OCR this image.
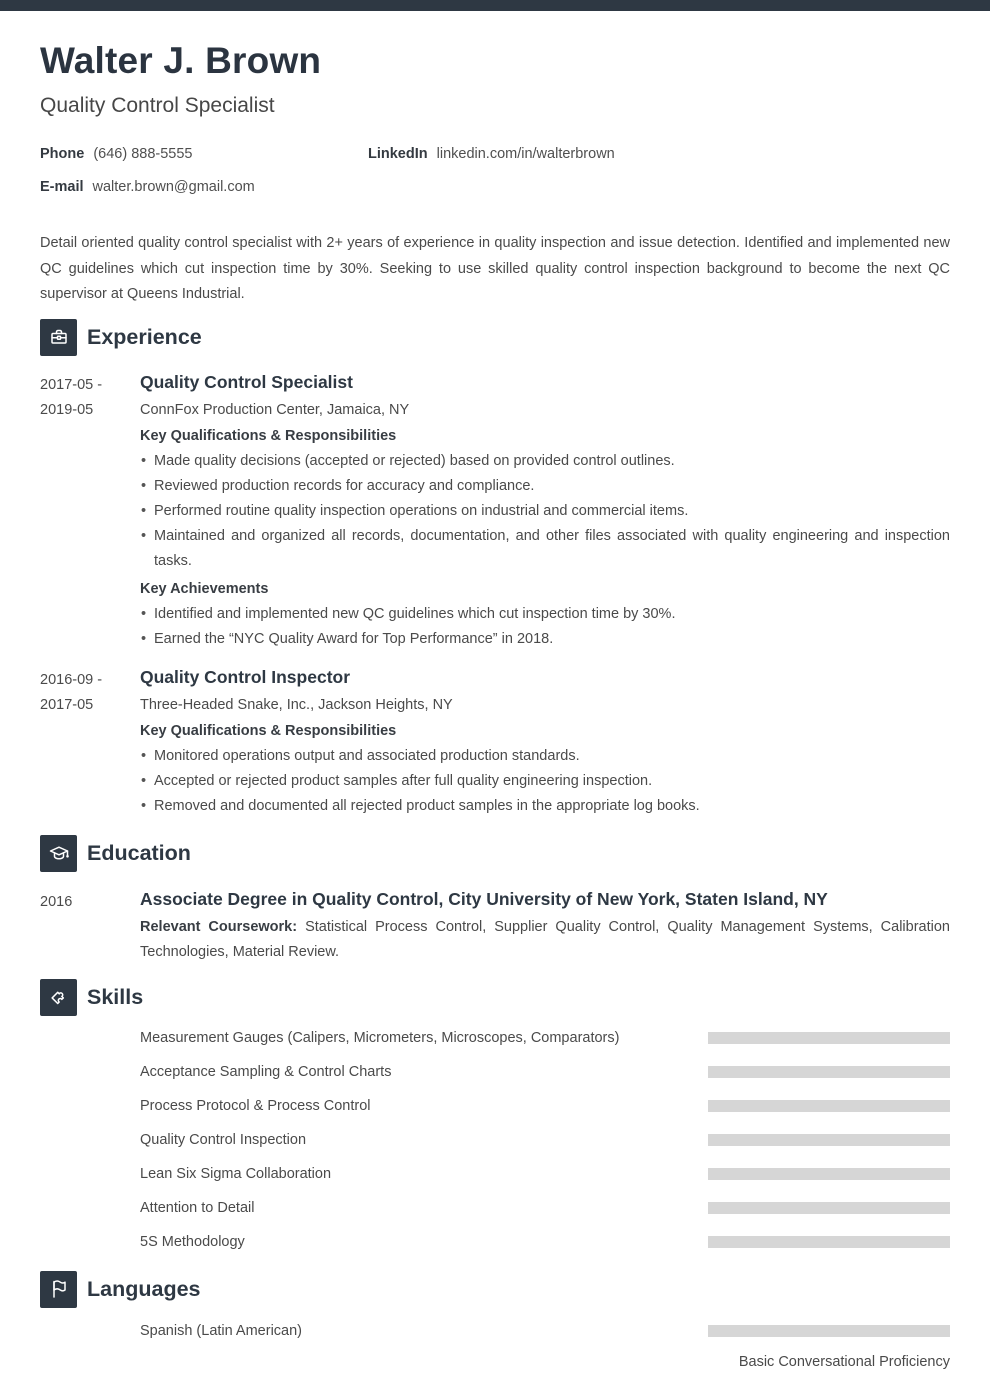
Walter J. Brown
Quality Control Specialist
Phone (646) 888-5555	LinkedIn linkedin.com/in/walterbrown
E-mail walter.brown@gmail.com
Detail oriented quality control specialist with 2+ years of experience in quality inspection and issue detection. Identified and implemented new QC guidelines which cut inspection time by 30%. Seeking to use skilled quality control inspection background to become the next QC supervisor at Queens Industrial.
Experience
2017-05 -
2019-05
Quality Control Specialist
ConnFox Production Center, Jamaica, NY
Key Qualifications & Responsibilities
• Made quality decisions (accepted or rejected) based on provided control outlines.
• Reviewed production records for accuracy and compliance.
• Performed routine quality inspection operations on industrial and commercial items.
• Maintained and organized all records, documentation, and other files associated with quality engineering and inspection tasks.
Key Achievements
• Identified and implemented new QC guidelines which cut inspection time by 30%.
• Earned the “NYC Quality Award for Top Performance” in 2018.
2016-09 -
2017-05
Quality Control Inspector
Three-Headed Snake, Inc., Jackson Heights, NY
Key Qualifications & Responsibilities
• Monitored operations output and associated production standards.
• Accepted or rejected product samples after full quality engineering inspection.
• Removed and documented all rejected product samples in the appropriate log books.
Education
2016	Associate Degree in Quality Control, City University of New York, Staten Island, NY
Relevant Coursework: Statistical Process Control, Supplier Quality Control, Quality Management Systems, Calibration Technologies, Material Review.
Skills
Measurement Gauges (Calipers, Micrometers, Microscopes, Comparators)
Acceptance Sampling & Control Charts
Process Protocol & Process Control
Quality Control Inspection
Lean Six Sigma Collaboration
Attention to Detail
5S Methodology
Languages
Spanish (Latin American)
Basic Conversational Proficiency
